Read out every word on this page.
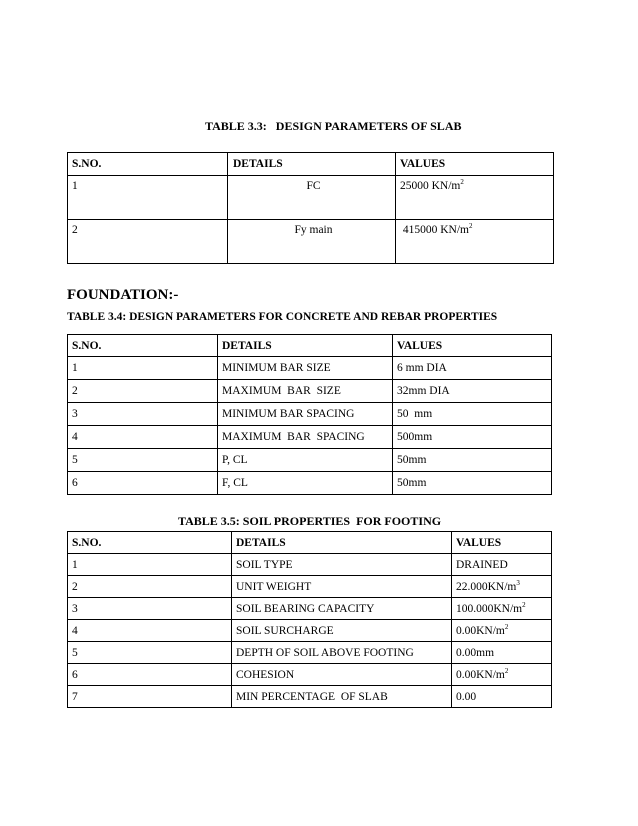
TABLE 3.3:   DESIGN PARAMETERS OF SLAB
S.NO.	DETAILS	VALUES
1	FC	25000 $KN/m^2$
2	Fy main	415000 $KN/m^2$
FOUNDATION:-
TABLE 3.4: DESIGN PARAMETERS FOR CONCRETE AND REBAR PROPERTIES
S.NO.	DETAILS	VALUES
1	MINIMUM BAR SIZE	6 mm DIA
2	MAXIMUM  BAR  SIZE	32mm DIA
3	MINIMUM BAR SPACING	50  mm
4	MAXIMUM  BAR  SPACING	500mm
5	P, CL	50mm
6	F, CL	50mm
TABLE 3.5: SOIL PROPERTIES  FOR FOOTING
S.NO.	DETAILS	VALUES
1	SOIL TYPE	DRAINED
2	UNIT WEIGHT	$22.000KN/m^3$
3	SOIL BEARING CAPACITY	$100.000KN/m^2$
4	SOIL SURCHARGE	$0.00KN/m^2$
5	DEPTH OF SOIL ABOVE FOOTING	0.00mm
6	COHESION	$0.00KN/m^2$
7	MIN PERCENTAGE  OF SLAB	0.00
